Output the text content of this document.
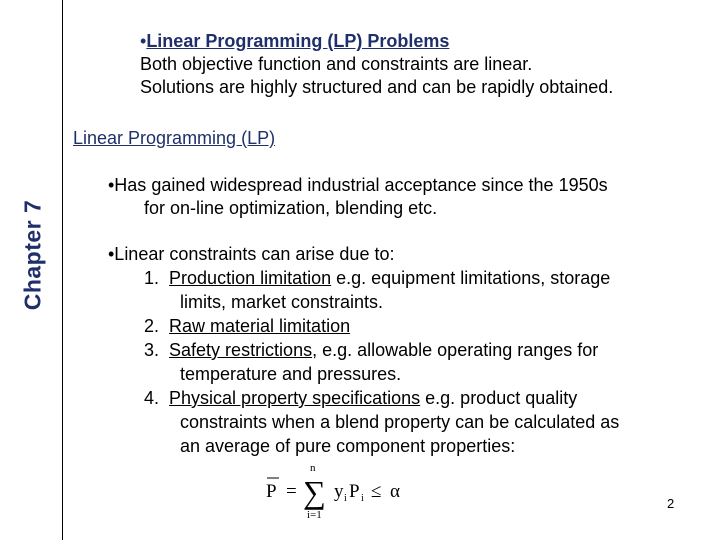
Chapter 7
•Linear Programming (LP) Problems
Both objective function and constraints are linear.
Solutions are highly structured and can be rapidly obtained.
Linear Programming (LP)
•Has gained widespread industrial acceptance since the 1950s
for on-line optimization, blending etc.
•Linear constraints can arise due to:
1. Production limitation e.g. equipment limitations, storage
limits, market constraints.
2. Raw material limitation
3. Safety restrictions, e.g. allowable operating ranges for
temperature and pressures.
4. Physical property specifications e.g. product quality
constraints when a blend property can be calculated as
an average of pure component properties:
P =
n
∑
i=1
y i P i ≤ α
2
